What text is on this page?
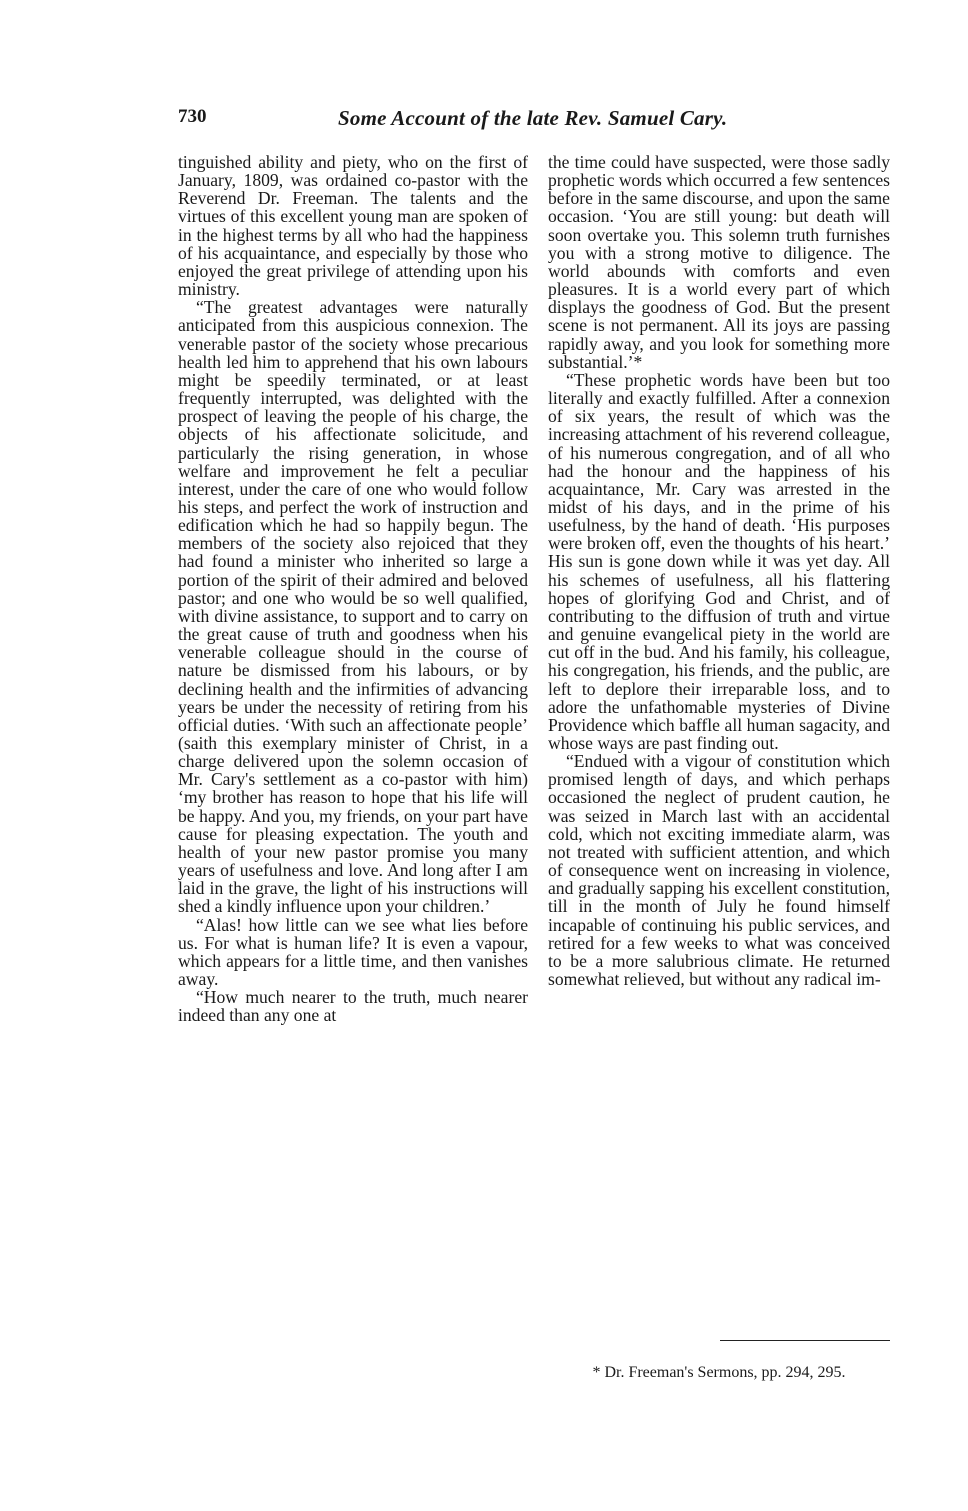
730	Some Account of the late Rev. Samuel Cary.

tinguished ability and piety, who on the first of January, 1809, was ordained co-pastor with the Reverend Dr. Freeman. The talents and the virtues of this excellent young man are spoken of in the highest terms by all who had the happiness of his acquaintance, and especially by those who enjoyed the great privilege of attending upon his ministry.

“The greatest advantages were naturally anticipated from this auspicious connexion. The venerable pastor of the society whose precarious health led him to apprehend that his own labours might be speedily terminated, or at least frequently interrupted, was delighted with the prospect of leaving the people of his charge, the objects of his affectionate solicitude, and particularly the rising generation, in whose welfare and improvement he felt a peculiar interest, under the care of one who would follow his steps, and perfect the work of instruction and edification which he had so happily begun. The members of the society also rejoiced that they had found a minister who inherited so large a portion of the spirit of their admired and beloved pastor; and one who would be so well qualified, with divine assistance, to support and to carry on the great cause of truth and goodness when his venerable colleague should in the course of nature be dismissed from his labours, or by declining health and the infirmities of advancing years be under the necessity of retiring from his official duties. ‘With such an affectionate people’ (saith this exemplary minister of Christ, in a charge delivered upon the solemn occasion of Mr. Cary's settlement as a co-pastor with him) ‘my brother has reason to hope that his life will be happy. And you, my friends, on your part have cause for pleasing expectation. The youth and health of your new pastor promise you many years of usefulness and love. And long after I am laid in the grave, the light of his instructions will shed a kindly influence upon your children.’

“Alas! how little can we see what lies before us. For what is human life? It is even a vapour, which appears for a little time, and then vanishes away.

“How much nearer to the truth, much nearer indeed than any one at

the time could have suspected, were those sadly prophetic words which occurred a few sentences before in the same discourse, and upon the same occasion. ‘You are still young: but death will soon overtake you. This solemn truth furnishes you with a strong motive to diligence. The world abounds with comforts and even pleasures. It is a world every part of which displays the goodness of God. But the present scene is not permanent. All its joys are passing rapidly away, and you look for something more substantial.’*

“These prophetic words have been but too literally and exactly fulfilled. After a connexion of six years, the result of which was the increasing attachment of his reverend colleague, of his numerous congregation, and of all who had the honour and the happiness of his acquaintance, Mr. Cary was arrested in the midst of his days, and in the prime of his usefulness, by the hand of death. ‘His purposes were broken off, even the thoughts of his heart.’ His sun is gone down while it was yet day. All his schemes of usefulness, all his flattering hopes of glorifying God and Christ, and of contributing to the diffusion of truth and virtue and genuine evangelical piety in the world are cut off in the bud. And his family, his colleague, his congregation, his friends, and the public, are left to deplore their irreparable loss, and to adore the unfathomable mysteries of Divine Providence which baffle all human sagacity, and whose ways are past finding out.

“Endued with a vigour of constitution which promised length of days, and which perhaps occasioned the neglect of prudent caution, he was seized in March last with an accidental cold, which not exciting immediate alarm, was not treated with sufficient attention, and which of consequence went on increasing in violence, and gradually sapping his excellent constitution, till in the month of July he found himself incapable of continuing his public services, and retired for a few weeks to what was conceived to be a more salubrious climate. He returned somewhat relieved, but without any radical im-

* Dr. Freeman's Sermons, pp. 294, 295.
